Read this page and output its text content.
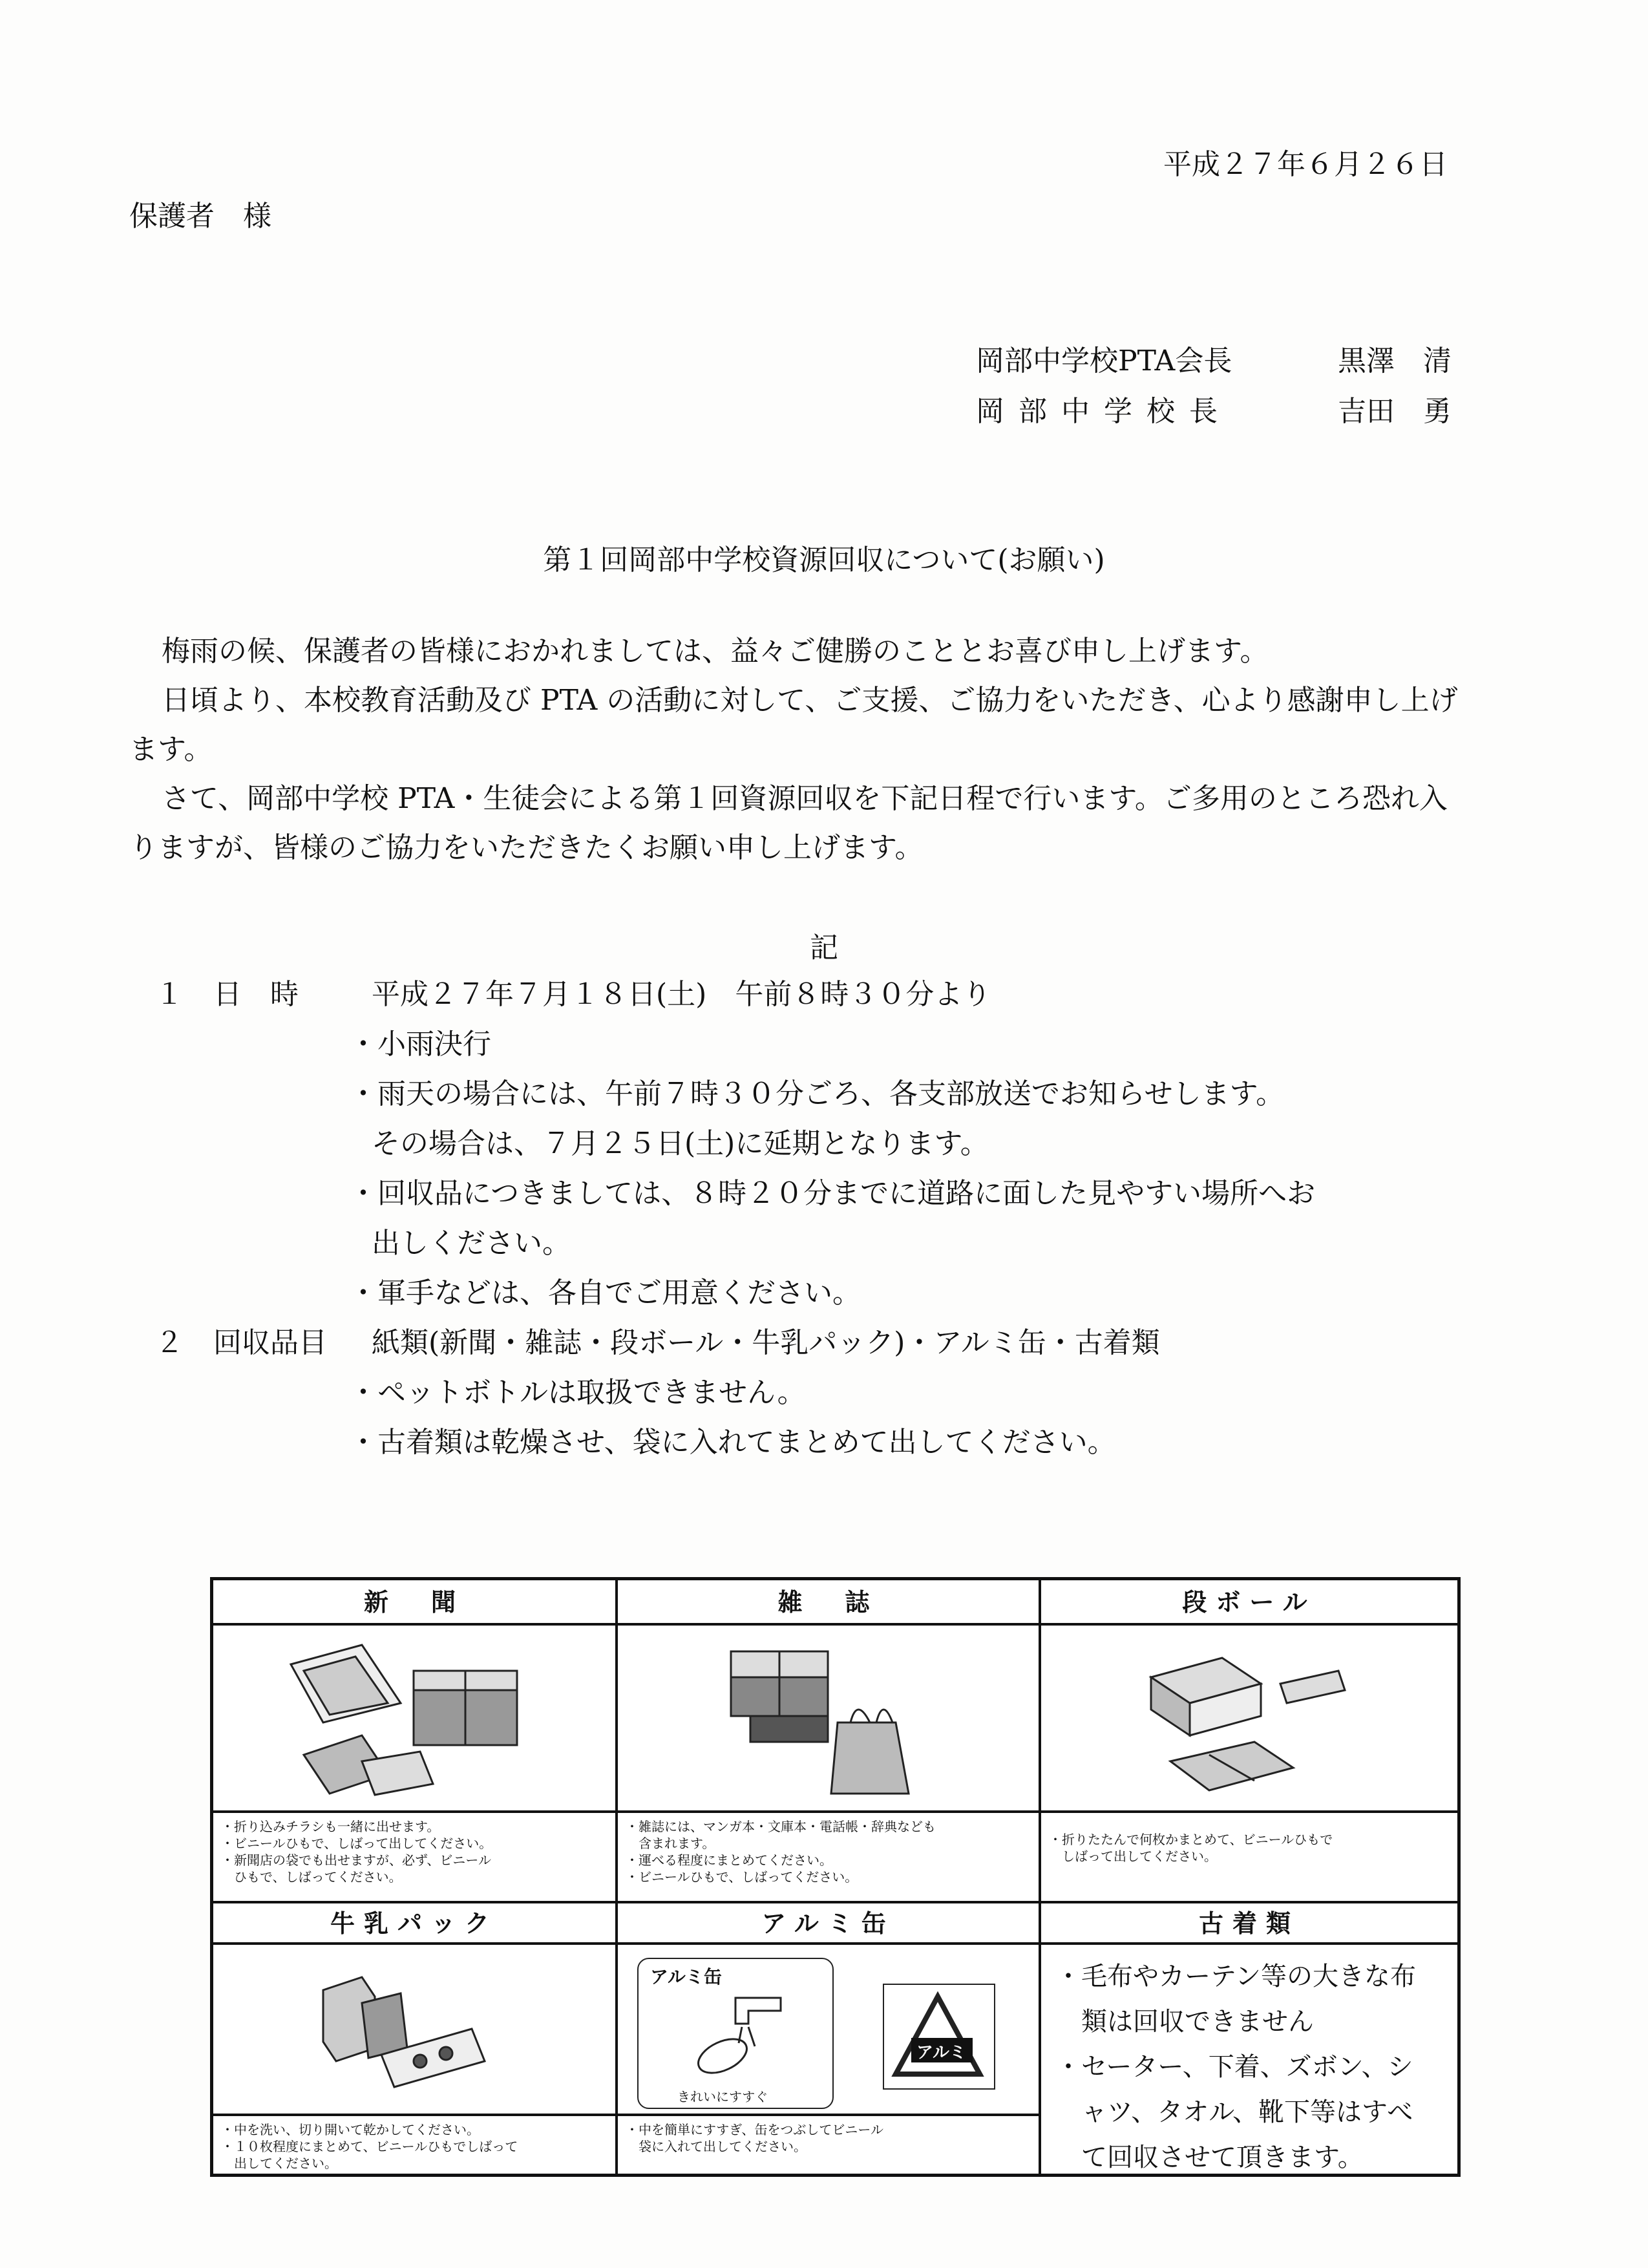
平成２７年６月２６日
保護者　様
岡部中学校PTA会長	黒澤　清
岡部中学校長	吉田　勇
第１回岡部中学校資源回収について(お願い)

梅雨の候、保護者の皆様におかれましては、益々ご健勝のこととお喜び申し上げます。

日頃より、本校教育活動及び PTA の活動に対して、ご支援、ご協力をいただき、心より感謝申し上げます。

さて、岡部中学校 PTA・生徒会による第１回資源回収を下記日程で行います。ご多用のところ恐れ入りますが、皆様のご協力をいただきたくお願い申し上げます。

記
１	日　時	平成２７年７月１８日(土)　午前８時３０分より
・小雨決行
・雨天の場合には、午前７時３０分ごろ、各支部放送でお知らせします。
その場合は、７月２５日(土)に延期となります。
・回収品につきましては、８時２０分までに道路に面した見やすい場所へお
出しください。
・軍手などは、各自でご用意ください。
２	回収品目	紙類(新聞・雑誌・段ボール・牛乳パック)・アルミ缶・古着類
・ペットボトルは取扱できません。
・古着類は乾燥させ、袋に入れてまとめて出してください。
新　聞	雑　誌	段ボール
・折り込みチラシも一緒に出せます。
・ビニールひもで、しばって出してください。
・新聞店の袋でも出せますが、必ず、ビニール
　ひもで、しばってください。
・雑誌には、マンガ本・文庫本・電話帳・辞典なども
　含まれます。
・運べる程度にまとめてください。
・ビニールひもで、しばってください。
・折りたたんで何枚かまとめて、ビニールひもで
　しばって出してください。
牛乳パック	アルミ缶	古着類
アルミ缶
きれいにすすぐ
アルミ
・中を洗い、切り開いて乾かしてください。
・１０枚程度にまとめて、ビニールひもでしばって
　出してください。
・中を簡単にすすぎ、缶をつぶしてビニール
　袋に入れて出してください。
・毛布やカーテン等の大きな布
　類は回収できません
・セーター、下着、ズボン、シ
　ャツ、タオル、靴下等はすべ
　て回収させて頂きます。
